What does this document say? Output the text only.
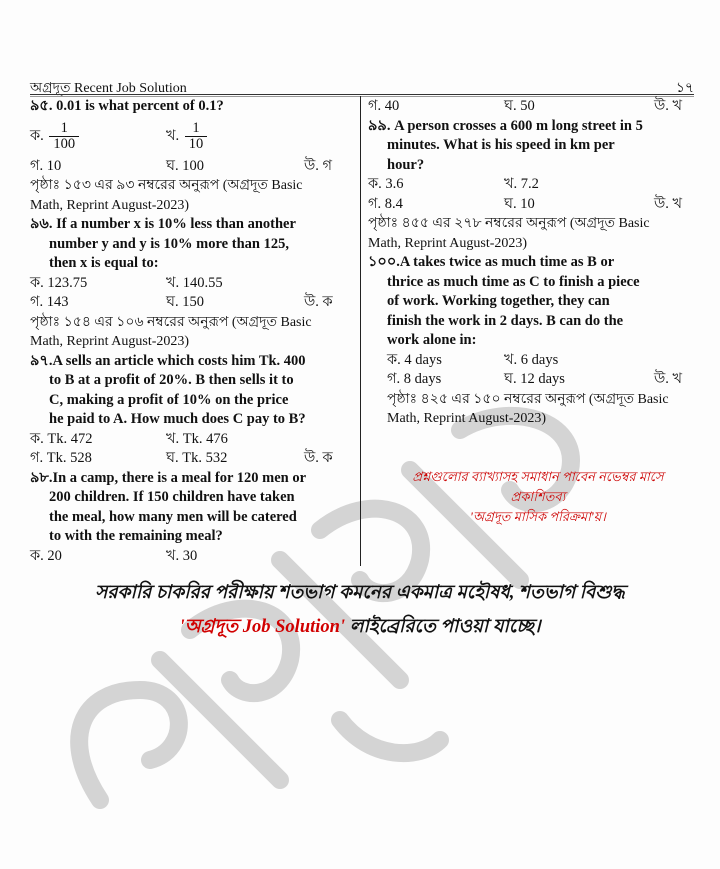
অগ্রদূত Recent Job Solution	১৭
৯৫. 0.01 is what percent of 0.1?
ক. $\frac{1}{100}$	খ. $\frac{1}{10}$
গ. 10	ঘ. 100	উ. গ
পৃষ্ঠাঃ ১৫৩ এর ৯৩ নম্বরের অনুরূপ (অগ্রদূত Basic
Math, Reprint August-2023)
৯৬. If a number x is 10% less than another
number y and y is 10% more than 125,
then x is equal to:
ক. 123.75	খ. 140.55
গ. 143	ঘ. 150	উ. ক
পৃষ্ঠাঃ ১৫৪ এর ১০৬ নম্বরের অনুরূপ (অগ্রদূত Basic
Math, Reprint August-2023)
৯৭.A sells an article which costs him Tk. 400
to B at a profit of 20%. B then sells it to
C, making a profit of 10% on the price
he paid to A. How much does C pay to B?
ক. Tk. 472	খ. Tk. 476
গ. Tk. 528	ঘ. Tk. 532	উ. ক
৯৮.In a camp, there is a meal for 120 men or
200 children. If 150 children have taken
the meal, how many men will be catered
to with the remaining meal?
ক. 20	খ. 30
গ. 40	ঘ. 50	উ. খ
৯৯. A person crosses a 600 m long street in 5
minutes. What is his speed in km per
hour?
ক. 3.6	খ. 7.2
গ. 8.4	ঘ. 10	উ. খ
পৃষ্ঠাঃ ৪৫৫ এর ২৭৮ নম্বরের অনুরূপ (অগ্রদূত Basic
Math, Reprint August-2023)
১০০.A takes twice as much time as B or
thrice as much time as C to finish a piece
of work. Working together, they can
finish the work in 2 days. B can do the
work alone in:
ক. 4 days	খ. 6 days
গ. 8 days	ঘ. 12 days	উ. খ
পৃষ্ঠাঃ ৪২৫ এর ১৫০ নম্বরের অনুরূপ (অগ্রদূত Basic
Math, Reprint August-2023)
প্রশ্নগুলোর ব্যাখ্যাসহ সমাধান পাবেন নভেম্বর মাসে প্রকাশিতব্য
'অগ্রদূত মাসিক পরিক্রমা'য়।
সরকারি চাকরির পরীক্ষায় শতভাগ কমনের একমাত্র মহৌষধ, শতভাগ বিশুদ্ধ
'অগ্রদূত Job Solution' লাইব্রেরিতে পাওয়া যাচ্ছে।
